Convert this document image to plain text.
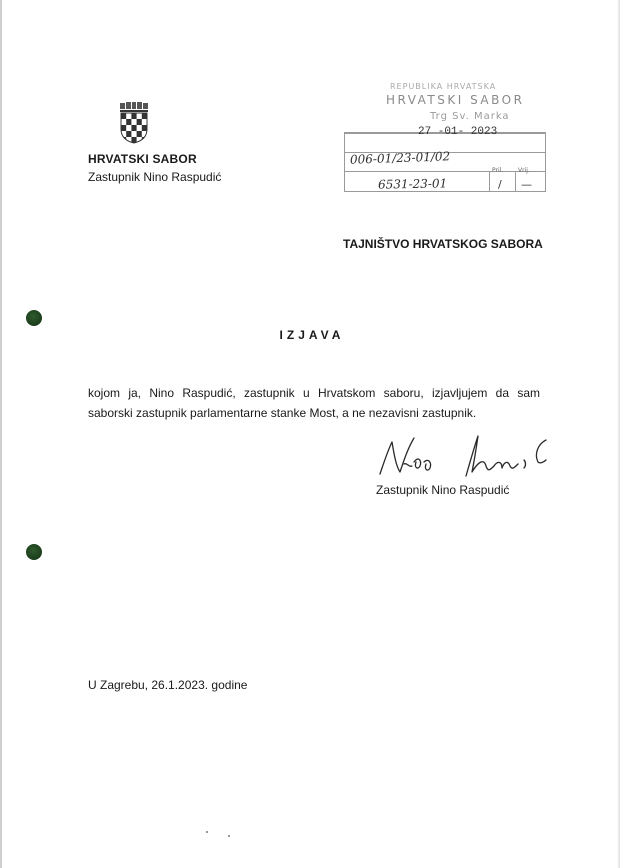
HRVATSKI SABOR
Zastupnik Nino Raspudić
REPUBLIKA HRVATSKA
HRVATSKI SABOR
Trg Sv. Marka
27 -01- 2023
006-01/23-01/02
6531-23-01
Pril. Vrij.
/ —
TAJNIŠTVO HRVATSKOG SABORA
IZJAVA
kojom ja, Nino Raspudić, zastupnik u Hrvatskom saboru, izjavljujem da sam
saborski zastupnik parlamentarne stanke Most, a ne nezavisni zastupnik.
Zastupnik Nino Raspudić
U Zagrebu, 26.1.2023. godine
